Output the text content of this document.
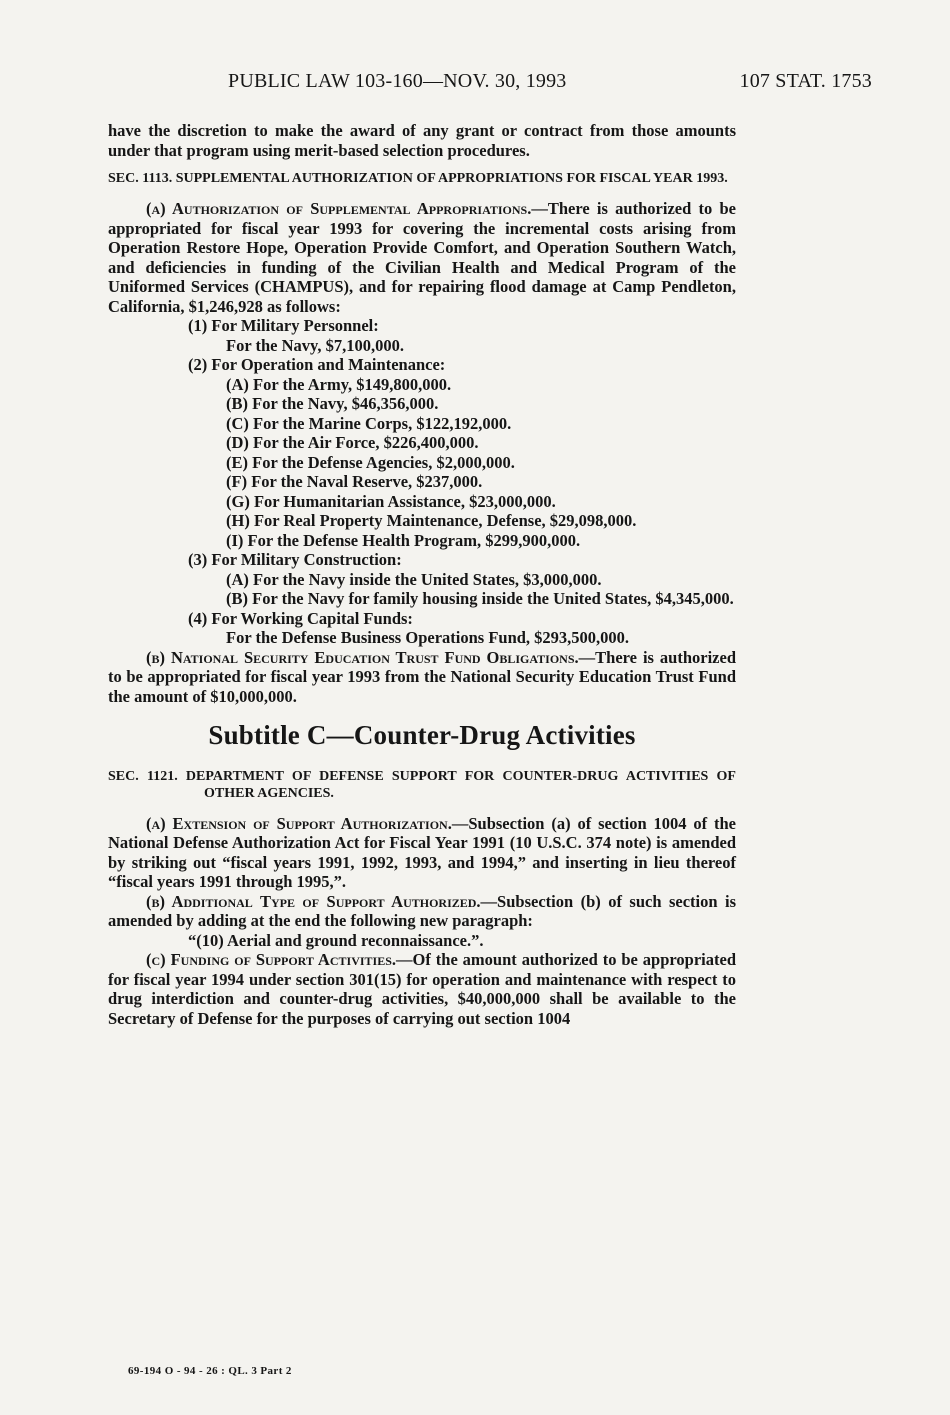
PUBLIC LAW 103-160—NOV. 30, 1993	107 STAT. 1753

have the discretion to make the award of any grant or contract from those amounts under that program using merit-based selection procedures.

SEC. 1113. SUPPLEMENTAL AUTHORIZATION OF APPROPRIATIONS FOR FISCAL YEAR 1993.

(a) Authorization of Supplemental Appropriations.—There is authorized to be appropriated for fiscal year 1993 for covering the incremental costs arising from Operation Restore Hope, Operation Provide Comfort, and Operation Southern Watch, and deficiencies in funding of the Civilian Health and Medical Program of the Uniformed Services (CHAMPUS), and for repairing flood damage at Camp Pendleton, California, $1,246,928 as follows:

(1) For Military Personnel:

For the Navy, $7,100,000.

(2) For Operation and Maintenance:

(A) For the Army, $149,800,000.

(B) For the Navy, $46,356,000.

(C) For the Marine Corps, $122,192,000.

(D) For the Air Force, $226,400,000.

(E) For the Defense Agencies, $2,000,000.

(F) For the Naval Reserve, $237,000.

(G) For Humanitarian Assistance, $23,000,000.

(H) For Real Property Maintenance, Defense, $29,098,000.

(I) For the Defense Health Program, $299,900,000.

(3) For Military Construction:

(A) For the Navy inside the United States, $3,000,000.

(B) For the Navy for family housing inside the United States, $4,345,000.

(4) For Working Capital Funds:

For the Defense Business Operations Fund, $293,500,000.

(b) National Security Education Trust Fund Obligations.—There is authorized to be appropriated for fiscal year 1993 from the National Security Education Trust Fund the amount of $10,000,000.

Subtitle C—Counter-Drug Activities

SEC. 1121. DEPARTMENT OF DEFENSE SUPPORT FOR COUNTER-DRUG ACTIVITIES OF OTHER AGENCIES.

(a) Extension of Support Authorization.—Subsection (a) of section 1004 of the National Defense Authorization Act for Fiscal Year 1991 (10 U.S.C. 374 note) is amended by striking out “fiscal years 1991, 1992, 1993, and 1994,” and inserting in lieu thereof “fiscal years 1991 through 1995,”.

(b) Additional Type of Support Authorized.—Subsection (b) of such section is amended by adding at the end the following new paragraph:

“(10) Aerial and ground reconnaissance.”.

(c) Funding of Support Activities.—Of the amount authorized to be appropriated for fiscal year 1994 under section 301(15) for operation and maintenance with respect to drug interdiction and counter-drug activities, $40,000,000 shall be available to the Secretary of Defense for the purposes of carrying out section 1004

69-194 O - 94 - 26 : QL. 3 Part 2
